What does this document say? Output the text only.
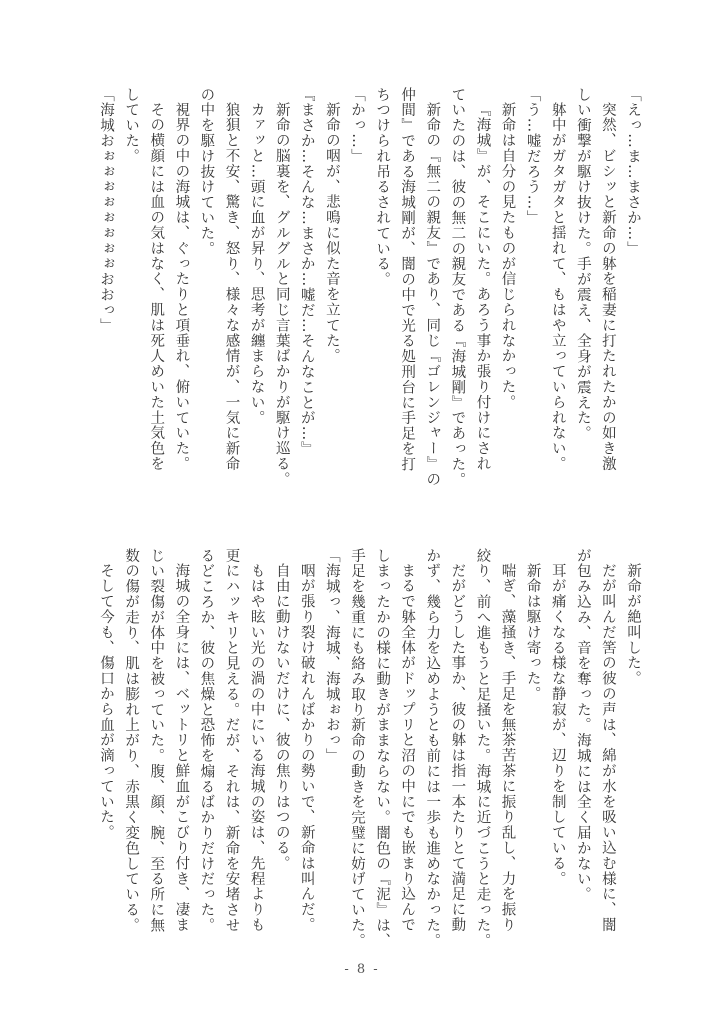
「えっ…ま…まさか…」

突然、ビシッと新命の躰を稲妻に打たれたかの如き激

しい衝撃が駆け抜けた。手が震え、全身が震えた。

躰中がガタガタと揺れて、もはや立っていられない。

「う…嘘だろう…」

新命は自分の見たものが信じられなかった。

『海城』が、そこにいた。あろう事か張り付けにされ

ていたのは、彼の無二の親友である『海城剛』であった。

新命の『無二の親友』であり、同じ『ゴレンジャー』の

仲間』である海城剛が、闇の中で光る処刑台に手足を打

ちつけられ吊るされている。

「かっ…」

新命の咽が、悲鳴に似た音を立てた。

『まさか…そんな…まさか…嘘だ…そんなことが…』

新命の脳裏を、グルグルと同じ言葉ばかりが駆け巡る。

カァッと…頭に血が昇り、思考が纏まらない。

狼狽と不安、驚き、怒り、様々な感情が、一気に新命

の中を駆け抜けていた。

視界の中の海城は、ぐったりと項垂れ、俯いていた。

その横顔には血の気はなく、肌は死人めいた土気色を

していた。

「海城おぉぉぉぉぉぉぉぉおおっ」

新命が絶叫した。

だが叫んだ筈の彼の声は、綿が水を吸い込む様に、闇

が包み込み、音を奪った。海城には全く届かない。

耳が痛くなる様な静寂が、辺りを制している。

新命は駆け寄った。

喘ぎ、藻掻き、手足を無茶苦茶に振り乱し、力を振り

絞り、前へ進もうと足掻いた。海城に近づこうと走った。

だがどうした事か、彼の躰は指一本たりとて満足に動

かず、幾ら力を込めようとも前には一歩も進めなかった。

まるで躰全体がドップリと沼の中にでも嵌まり込んで

しまったかの様に動きがままならない。闇色の『泥』は、

手足を幾重にも絡み取り新命の動きを完璧に妨げていた。

「海城っ、海城、海城ぉおっ」

咽が張り裂け破れんばかりの勢いで、新命は叫んだ。

自由に動けないだけに、彼の焦りはつのる。

もはや眩い光の渦の中にいる海城の姿は、先程よりも

更にハッキリと見える。だが、それは、新命を安堵させ

るどころか、彼の焦燥と恐怖を煽るばかりだけだった。

海城の全身には、ベットリと鮮血がこびり付き、凄ま

じい裂傷が体中を被っていた。腹、顔、腕、至る所に無

数の傷が走り、肌は膨れ上がり、赤黒く変色している。

そして今も、傷口から血が滴っていた。

- 8 -
